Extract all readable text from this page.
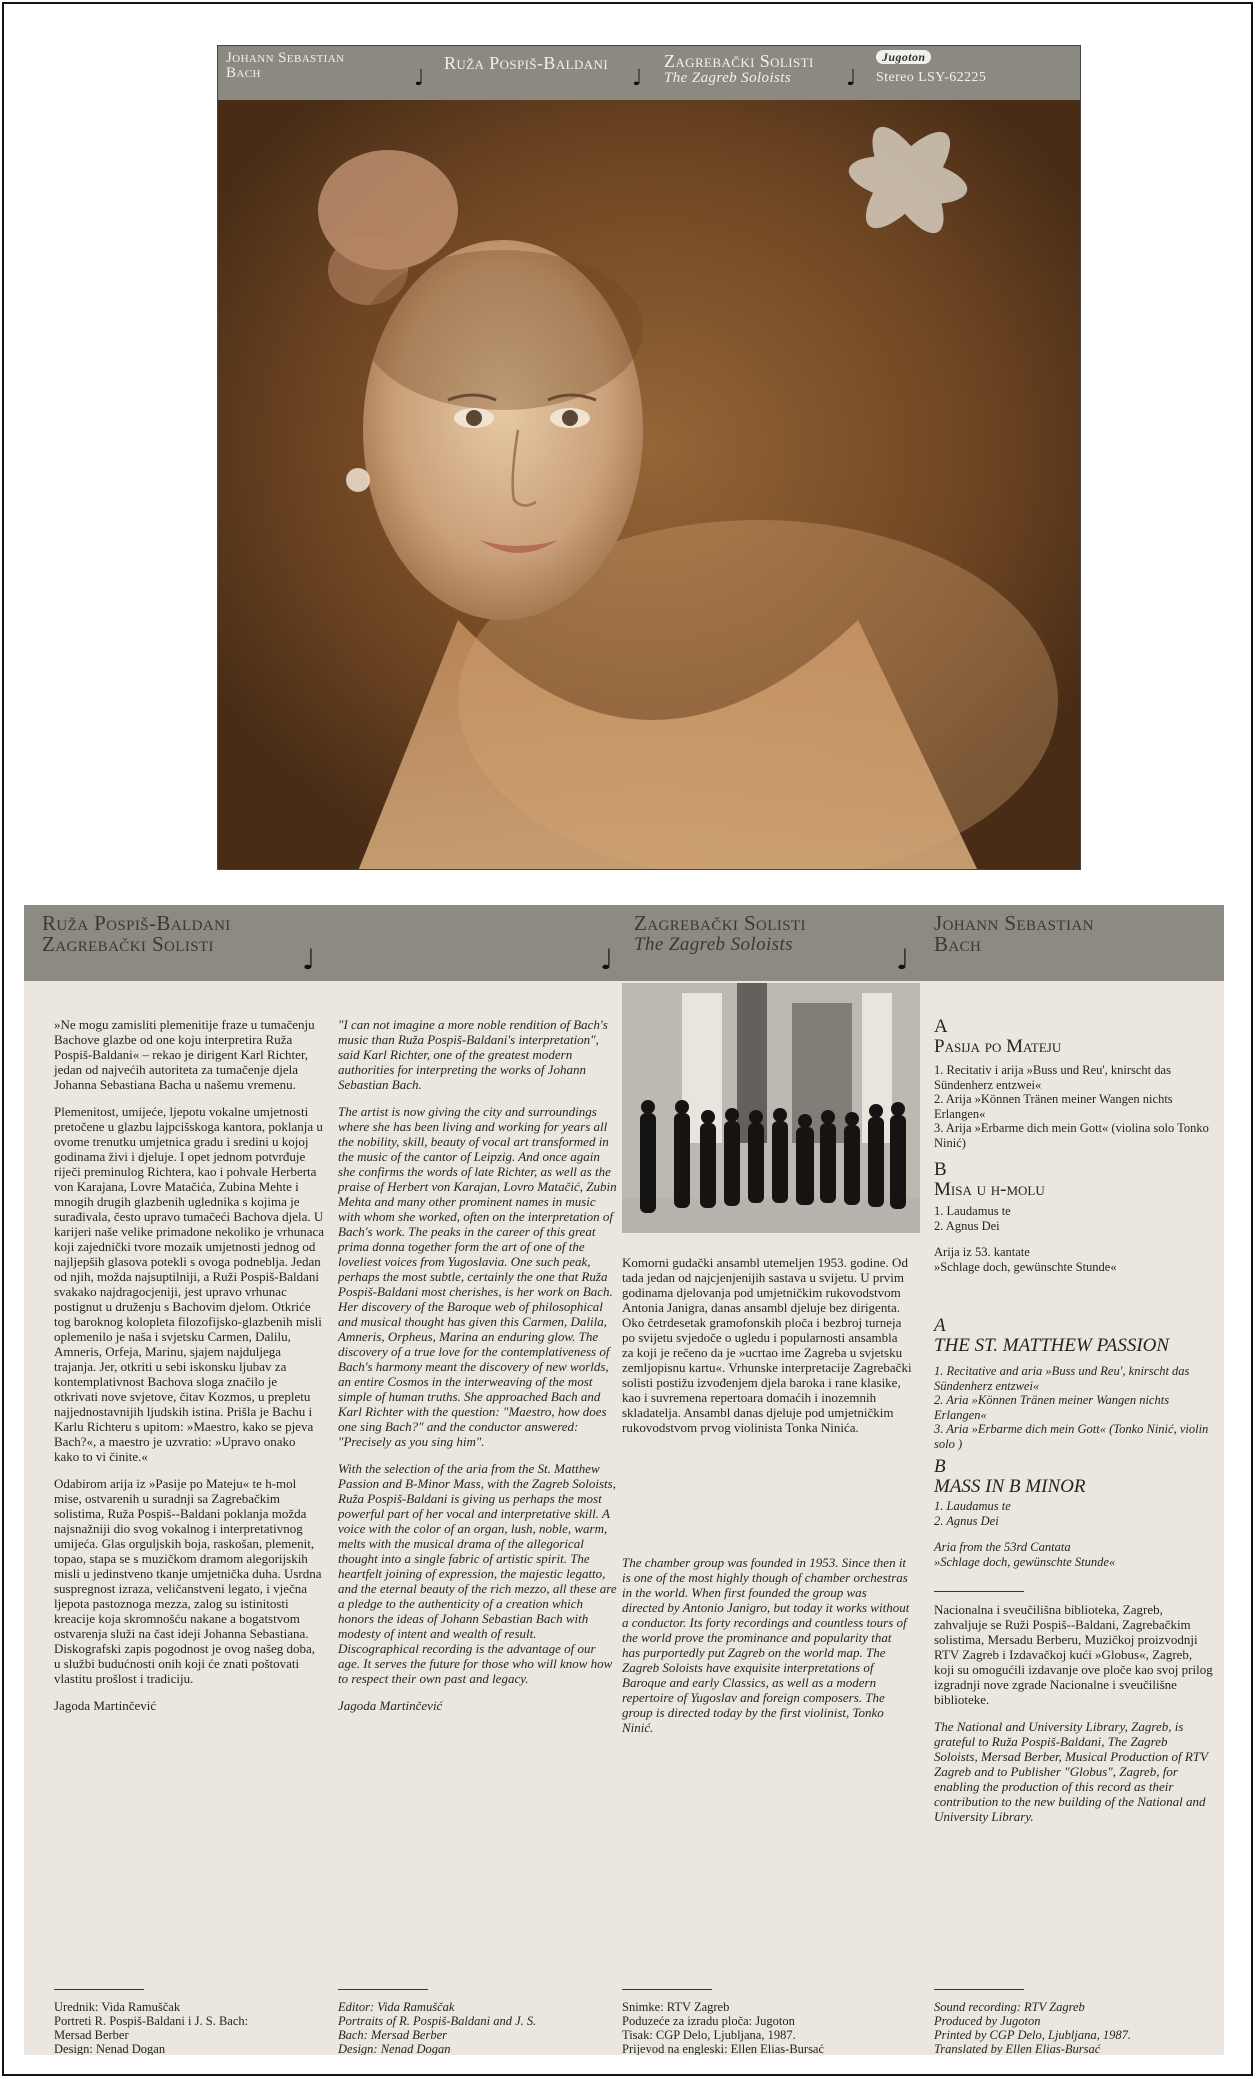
Johann Sebastian
Bach	Ruža Pospiš-Baldani
♩
Zagrebački Solisti
The Zagreb Soloists
♩	♩
Jugoton
Stereo LSY-62225
Ruža Pospiš-Baldani
Zagrebački Solisti	♩	♩
Zagrebački Solisti
The Zagreb Soloists	♩
Johann Sebastian
Bach

»Ne mogu zamisliti plemenitije fraze u tumačenju Bachove glazbe od one koju interpretira Ruža Pospiš-Baldani« – rekao je dirigent Karl Richter, jedan od najvećih autoriteta za tumačenje djela Johanna Sebastiana Bacha u našemu vremenu.

Plemenitost, umijeće, ljepotu vokalne umjetnosti pretočene u glazbu lajpcišskoga kantora, poklanja u ovome trenutku umjetnica gradu i sredini u kojoj godinama živi i djeluje. I opet jednom potvrđuje riječi preminulog Richtera, kao i pohvale Herberta von Karajana, Lovre Matačića, Zubina Mehte i mnogih drugih glazbenih uglednika s kojima je surađivala, često upravo tumačeći Bachova djela. U karijeri naše velike primadone nekoliko je vrhunaca koji zajednički tvore mozaik umjetnosti jednog od najljepših glasova potekli s ovoga podneblja. Jedan od njih, možda najsuptilniji, a Ruži Pospiš-Baldani svakako najdragocjeniji, jest upravo vrhunac postignut u druženju s Bachovim djelom. Otkriće tog baroknog kolopleta filozofijsko-glazbenih misli oplemenilo je naša i svjetsku Carmen, Dalilu, Amneris, Orfeja, Marinu, sjajem najduljega trajanja. Jer, otkriti u sebi iskonsku ljubav za kontemplativnost Bachova sloga značilo je otkrivati nove svjetove, čitav Kozmos, u prepletu najjednostavnijih ljudskih istina. Prišla je Bachu i Karlu Richteru s upitom: »Maestro, kako se pjeva Bach?«, a maestro je uzvratio: »Upravo onako kako to vi činite.«

Odabirom arija iz »Pasije po Mateju« te h-mol mise, ostvarenih u suradnji sa Zagrebačkim solistima, Ruža Pospiš--Baldani poklanja možda najsnažniji dio svog vokalnog i interpretativnog umijeća. Glas orguljskih boja, raskošan, plemenit, topao, stapa se s muzičkom dramom alegorijskih misli u jedinstveno tkanje umjetnička duha. Usrdna suspregnost izraza, veličanstveni legato, i vječna ljepota pastoznoga mezza, zalog su istinitosti kreacije koja skromnošću nakane a bogatstvom ostvarenja služi na čast ideji Johanna Sebastiana. Diskografski zapis pogodnost je ovog našeg doba, u službi budućnosti onih koji će znati poštovati vlastitu prošlost i tradiciju.

Jagoda Martinčević

Urednik: Vida Ramuščak
Portreti R. Pospiš-Baldani i J. S. Bach:
Mersad Berber
Design: Nenad Dogan

"I can not imagine a more noble rendition of Bach's music than Ruža Pospiš-Baldani's interpretation", said Karl Richter, one of the greatest modern authorities for interpreting the works of Johann Sebastian Bach.

The artist is now giving the city and surroundings where she has been living and working for years all the nobility, skill, beauty of vocal art transformed in the music of the cantor of Leipzig. And once again she confirms the words of late Richter, as well as the praise of Herbert von Karajan, Lovro Matačić, Zubin Mehta and many other prominent names in music with whom she worked, often on the interpretation of Bach's work. The peaks in the career of this great prima donna together form the art of one of the loveliest voices from Yugoslavia. One such peak, perhaps the most subtle, certainly the one that Ruža Pospiš-Baldani most cherishes, is her work on Bach. Her discovery of the Baroque web of philosophical and musical thought has given this Carmen, Dalila, Amneris, Orpheus, Marina an enduring glow. The discovery of a true love for the contemplativeness of Bach's harmony meant the discovery of new worlds, an entire Cosmos in the interweaving of the most simple of human truths. She approached Bach and Karl Richter with the question: "Maestro, how does one sing Bach?" and the conductor answered: "Precisely as you sing him".

With the selection of the aria from the St. Matthew Passion and B-Minor Mass, with the Zagreb Soloists, Ruža Pospiš-Baldani is giving us perhaps the most powerful part of her vocal and interpretative skill. A voice with the color of an organ, lush, noble, warm, melts with the musical drama of the allegorical thought into a single fabric of artistic spirit. The heartfelt joining of expression, the majestic legatto, and the eternal beauty of the rich mezzo, all these are a pledge to the authenticity of a creation which honors the ideas of Johann Sebastian Bach with modesty of intent and wealth of result. Discographical recording is the advantage of our age. It serves the future for those who will know how to respect their own past and legacy.

Jagoda Martinčević

Editor: Vida Ramuščak
Portraits of R. Pospiš-Baldani and J. S.
Bach: Mersad Berber
Design: Nenad Dogan
Komorni gudački ansambl utemeljen 1953. godine. Od tada jedan od najcjenjenijih sastava u svijetu. U prvim godinama djelovanja pod umjetničkim rukovodstvom Antonia Janigra, danas ansambl djeluje bez dirigenta. Oko četrdesetak gramofonskih ploča i bezbroj turneja po svijetu svjedoče o ugledu i popularnosti ansambla za koji je rečeno da je »ucrtao ime Zagreba u svjetsku zemljopisnu kartu«. Vrhunske interpretacije Zagrebački solisti postižu izvođenjem djela baroka i rane klasike, kao i suvremena repertoara domaćih i inozemnih skladatelja. Ansambl danas djeluje pod umjetničkim rukovodstvom prvog violinista Tonka Ninića.
The chamber group was founded in 1953. Since then it is one of the most highly though of chamber orchestras in the world. When first founded the group was directed by Antonio Janigro, but today it works without a conductor. Its forty recordings and countless tours of the world prove the prominance and popularity that has purportedly put Zagreb on the world map. The Zagreb Soloists have exquisite interpretations of Baroque and early Classics, as well as a modern repertoire of Yugoslav and foreign composers. The group is directed today by the first violinist, Tonko Ninić.
Snimke: RTV Zagreb
Poduzeće za izradu ploča: Jugoton
Tisak: CGP Delo, Ljubljana, 1987.
Prijevod na engleski: Ellen Elias-Bursać
A
Pasija po Mateju
1. Recitativ i arija »Buss und Reu', knirscht das Sündenherz entzwei«
2. Arija »Können Tränen meiner Wangen nichts Erlangen«
3. Arija »Erbarme dich mein Gott« (violina solo Tonko Ninić)
B
Misa u h-molu
1. Laudamus te
2. Agnus Dei
Arija iz 53. kantate
»Schlage doch, gewünschte Stunde«
A
THE ST. MATTHEW PASSION
1. Recitative and aria »Buss und Reu', knirscht das Sündenherz entzwei«
2. Aria »Können Tränen meiner Wangen nichts Erlangen«
3. Aria »Erbarme dich mein Gott« (Tonko Ninić, violin solo )
B
MASS IN B MINOR
1. Laudamus te
2. Agnus Dei
Aria from the 53rd Cantata
»Schlage doch, gewünschte Stunde«

Nacionalna i sveučilišna biblioteka, Zagreb, zahvaljuje se Ruži Pospiš--Baldani, Zagrebačkim solistima, Mersadu Berberu, Muzičkoj proizvodnji RTV Zagreb i Izdavačkoj kući »Globus«, Zagreb, koji su omogućili izdavanje ove ploče kao svoj prilog izgradnji nove zgrade Nacionalne i sveučilišne biblioteke.

The National and University Library, Zagreb, is grateful to Ruža Pospiš-Baldani, The Zagreb Soloists, Mersad Berber, Musical Production of RTV Zagreb and to Publisher "Globus", Zagreb, for enabling the production of this record as their contribution to the new building of the National and University Library.

Sound recording: RTV Zagreb
Produced by Jugoton
Printed by CGP Delo, Ljubljana, 1987.
Translated by Ellen Elias-Bursać
